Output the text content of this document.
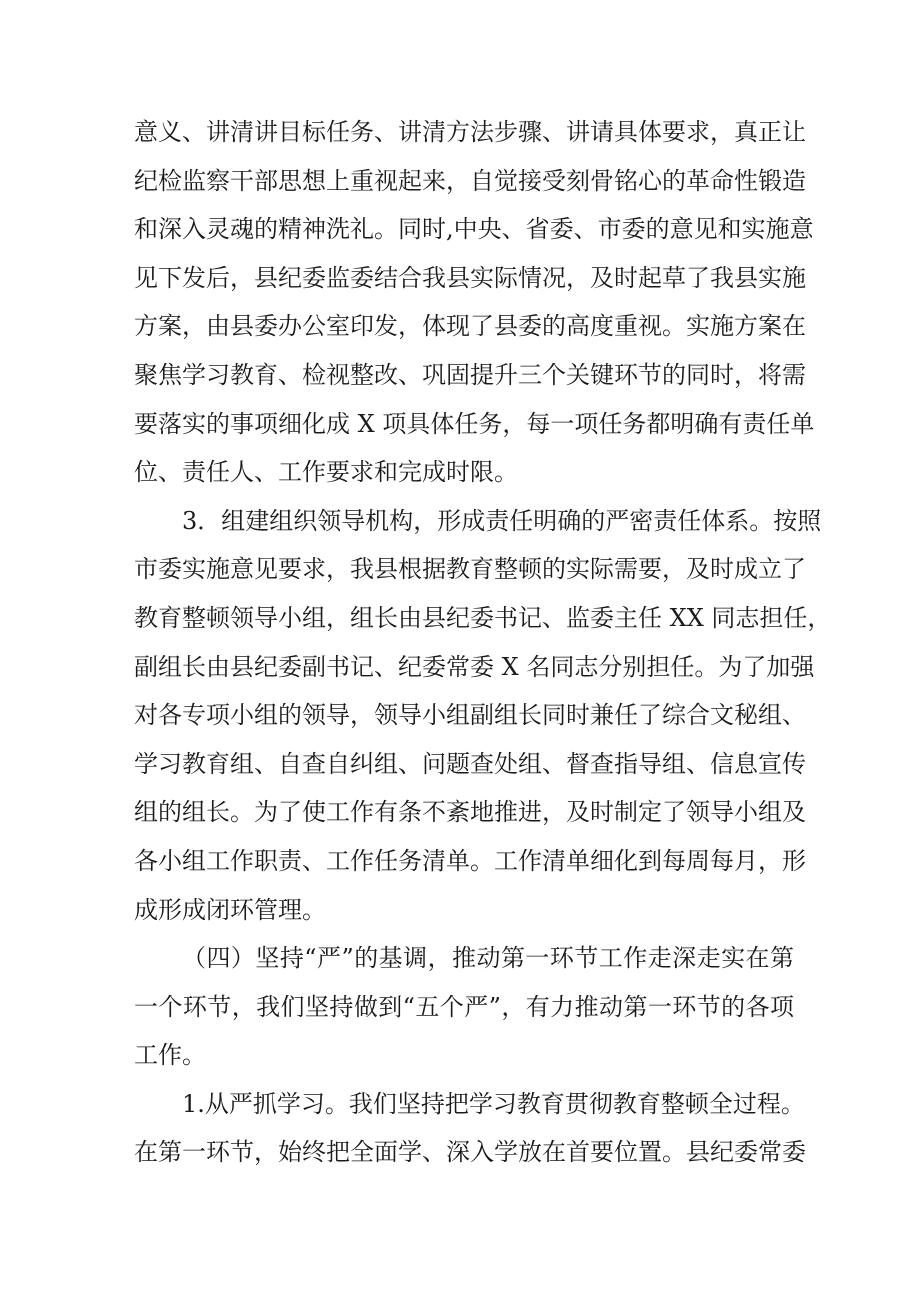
意义、讲清讲目标任务、讲清方法步骤、讲请具体要求，真正让
纪检监察干部思想上重视起来，自觉接受刻骨铭心的革命性锻造
和深入灵魂的精神洗礼。同时,中央、省委、市委的意见和实施意
见下发后，县纪委监委结合我县实际情况，及时起草了我县实施
方案，由县委办公室印发，体现了县委的高度重视。实施方案在
聚焦学习教育、检视整改、巩固提升三个关键环节的同时，将需
要落实的事项细化成 X 项具体任务，每一项任务都明确有责任单
位、责任人、工作要求和完成时限。
3．组建组织领导机构，形成责任明确的严密责任体系。按照
市委实施意见要求，我县根据教育整顿的实际需要，及时成立了
教育整顿领导小组，组长由县纪委书记、监委主任 XX 同志担任，
副组长由县纪委副书记、纪委常委 X 名同志分别担任。为了加强
对各专项小组的领导，领导小组副组长同时兼任了综合文秘组、
学习教育组、自查自纠组、问题查处组、督查指导组、信息宣传
组的组长。为了使工作有条不紊地推进，及时制定了领导小组及
各小组工作职责、工作任务清单。工作清单细化到每周每月，形
成形成闭环管理。
（四）坚持“严”的基调，推动第一环节工作走深走实在第
一个环节，我们坚持做到“五个严”，有力推动第一环节的各项
工作。
1.从严抓学习。我们坚持把学习教育贯彻教育整顿全过程。
在第一环节，始终把全面学、深入学放在首要位置。县纪委常委
